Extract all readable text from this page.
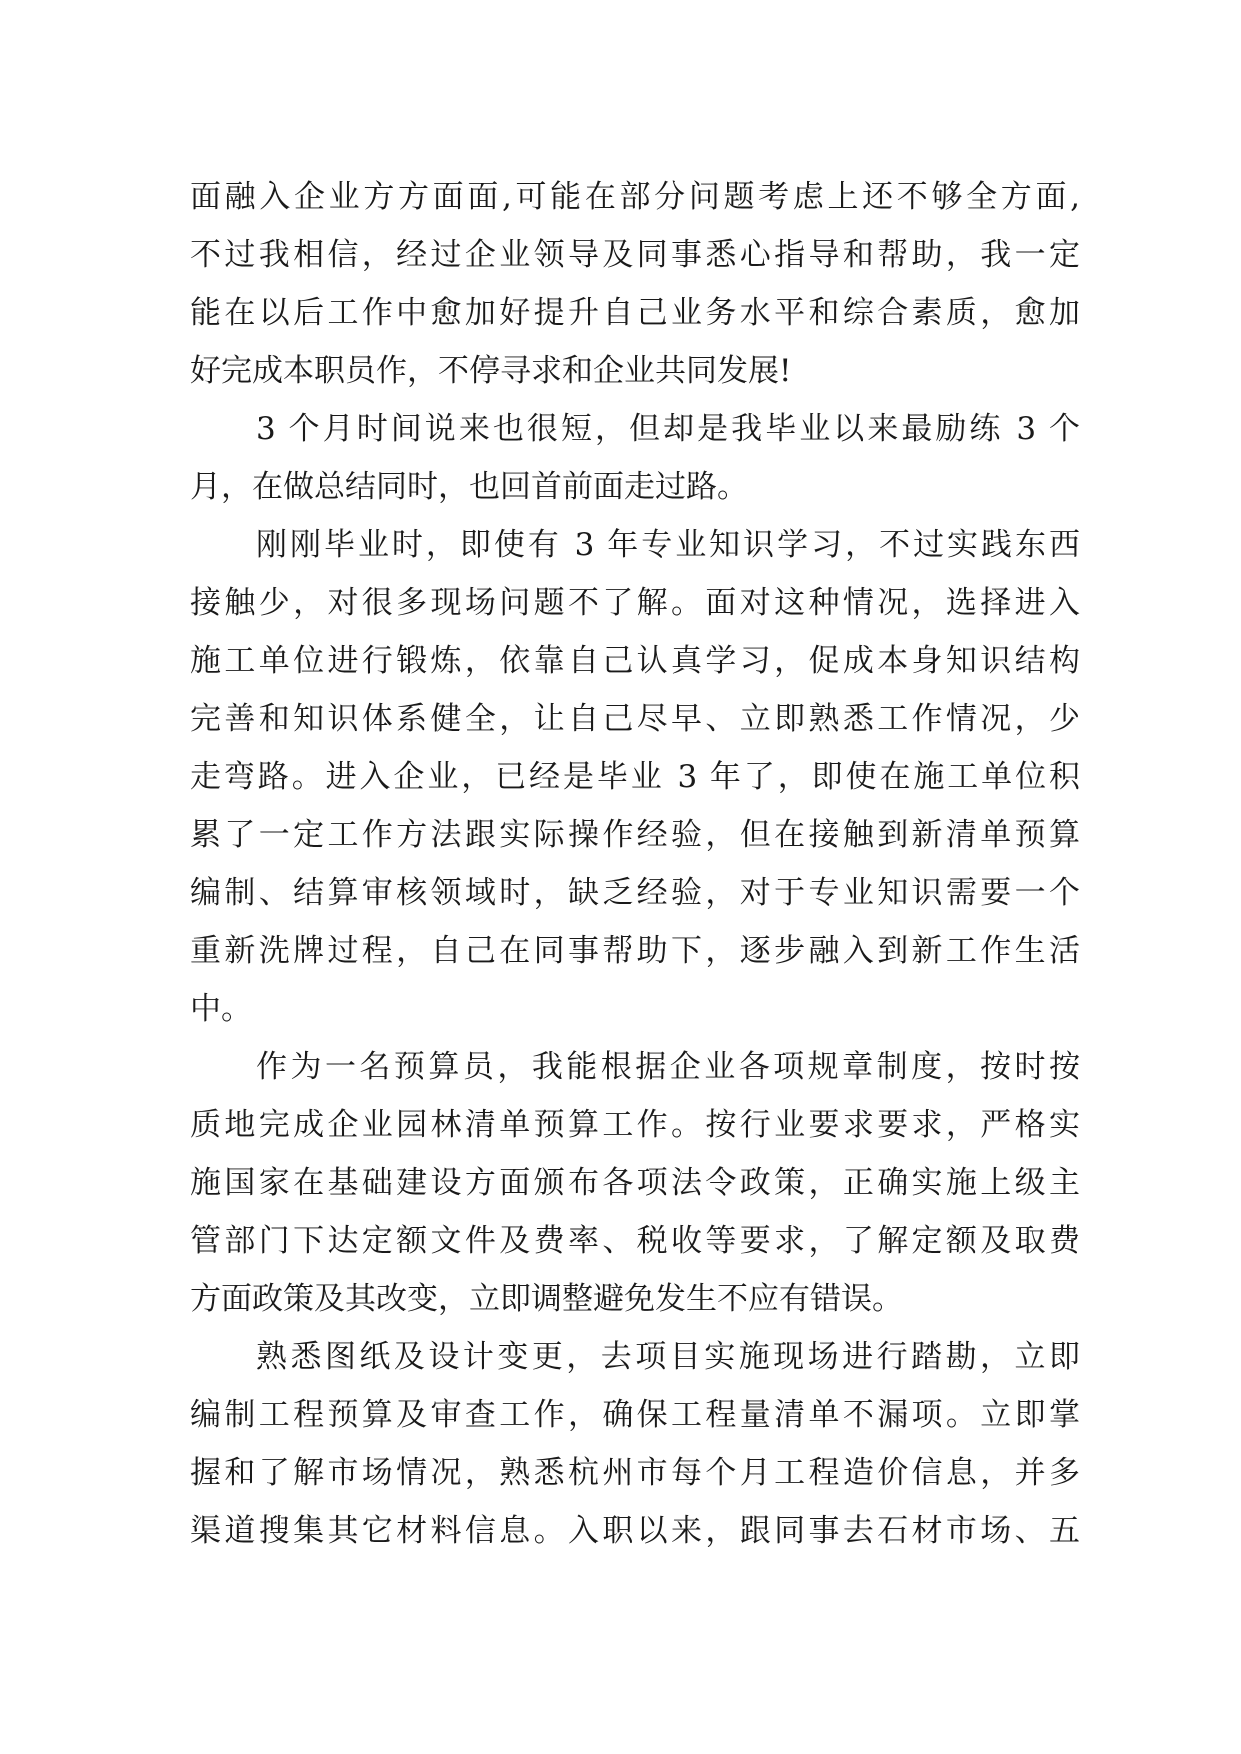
面融入企业方方面面,可能在部分问题考虑上还不够全方面,
不过我相信，经过企业领导及同事悉心指导和帮助，我一定
能在以后工作中愈加好提升自己业务水平和综合素质，愈加
好完成本职员作，不停寻求和企业共同发展!
3 个月时间说来也很短，但却是我毕业以来最励练 3 个
月，在做总结同时，也回首前面走过路。
刚刚毕业时，即使有 3 年专业知识学习，不过实践东西
接触少，对很多现场问题不了解。面对这种情况，选择进入
施工单位进行锻炼，依靠自己认真学习，促成本身知识结构
完善和知识体系健全，让自己尽早、立即熟悉工作情况，少
走弯路。进入企业，已经是毕业 3 年了，即使在施工单位积
累了一定工作方法跟实际操作经验，但在接触到新清单预算
编制、结算审核领域时，缺乏经验，对于专业知识需要一个
重新洗牌过程，自己在同事帮助下，逐步融入到新工作生活
中。
作为一名预算员，我能根据企业各项规章制度，按时按
质地完成企业园林清单预算工作。按行业要求要求，严格实
施国家在基础建设方面颁布各项法令政策，正确实施上级主
管部门下达定额文件及费率、税收等要求，了解定额及取费
方面政策及其改变，立即调整避免发生不应有错误。
熟悉图纸及设计变更，去项目实施现场进行踏勘，立即
编制工程预算及审查工作，确保工程量清单不漏项。立即掌
握和了解市场情况，熟悉杭州市每个月工程造价信息，并多
渠道搜集其它材料信息。入职以来，跟同事去石材市场、五
